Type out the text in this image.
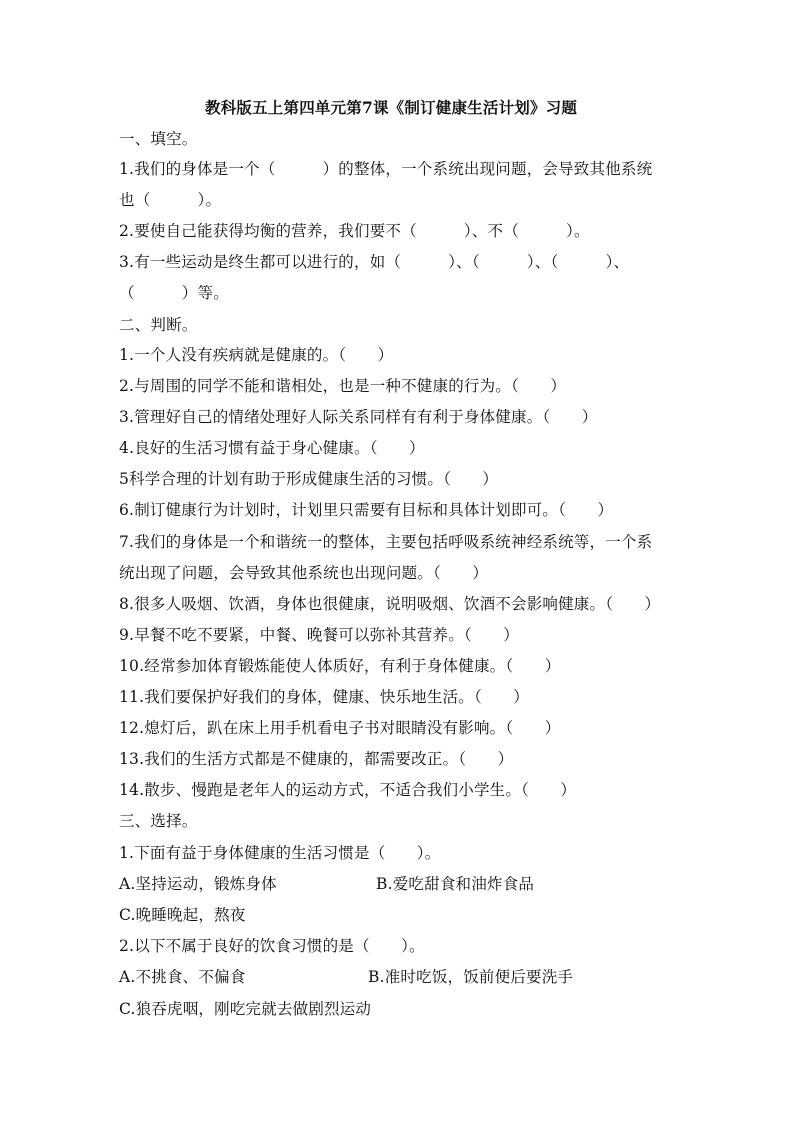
教科版五上第四单元第7课《制订健康生活计划》习题
一、填空。
1.我们的身体是一个（　　　）的整体，一个系统出现问题，会导致其他系统
也（　　　）。
2.要使自己能获得均衡的营养，我们要不（　　　）、不（　　　）。
3.有一些运动是终生都可以进行的，如（　　　）、（　　　）、（　　　）、
（　　　）等。
二、判断。
1.一个人没有疾病就是健康的。（　　）
2.与周围的同学不能和谐相处，也是一种不健康的行为。（　　）
3.管理好自己的情绪处理好人际关系同样有有利于身体健康。（　　）
4.良好的生活习惯有益于身心健康。（　　）
5科学合理的计划有助于形成健康生活的习惯。（　　）
6.制订健康行为计划时，计划里只需要有目标和具体计划即可。（　　）
7.我们的身体是一个和谐统一的整体，主要包括呼吸系统神经系统等，一个系
统出现了问题，会导致其他系统也出现问题。（　　）
8.很多人吸烟、饮酒，身体也很健康，说明吸烟、饮酒不会影响健康。（　　）
9.早餐不吃不要紧，中餐、晚餐可以弥补其营养。（　　）
10.经常参加体育锻炼能使人体质好，有利于身体健康。（　　）
11.我们要保护好我们的身体，健康、快乐地生活。（　　）
12.熄灯后，趴在床上用手机看电子书对眼睛没有影响。（　　）
13.我们的生活方式都是不健康的，都需要改正。（　　）
14.散步、慢跑是老年人的运动方式，不适合我们小学生。（　　）
三、选择。
1.下面有益于身体健康的生活习惯是（　　）。
A.坚持运动，锻炼身体	B.爱吃甜食和油炸食品
C.晚睡晚起，熬夜
2.以下不属于良好的饮食习惯的是（　　）。
A.不挑食、不偏食	B.准时吃饭，饭前便后要洗手
C.狼吞虎咽，刚吃完就去做剧烈运动
